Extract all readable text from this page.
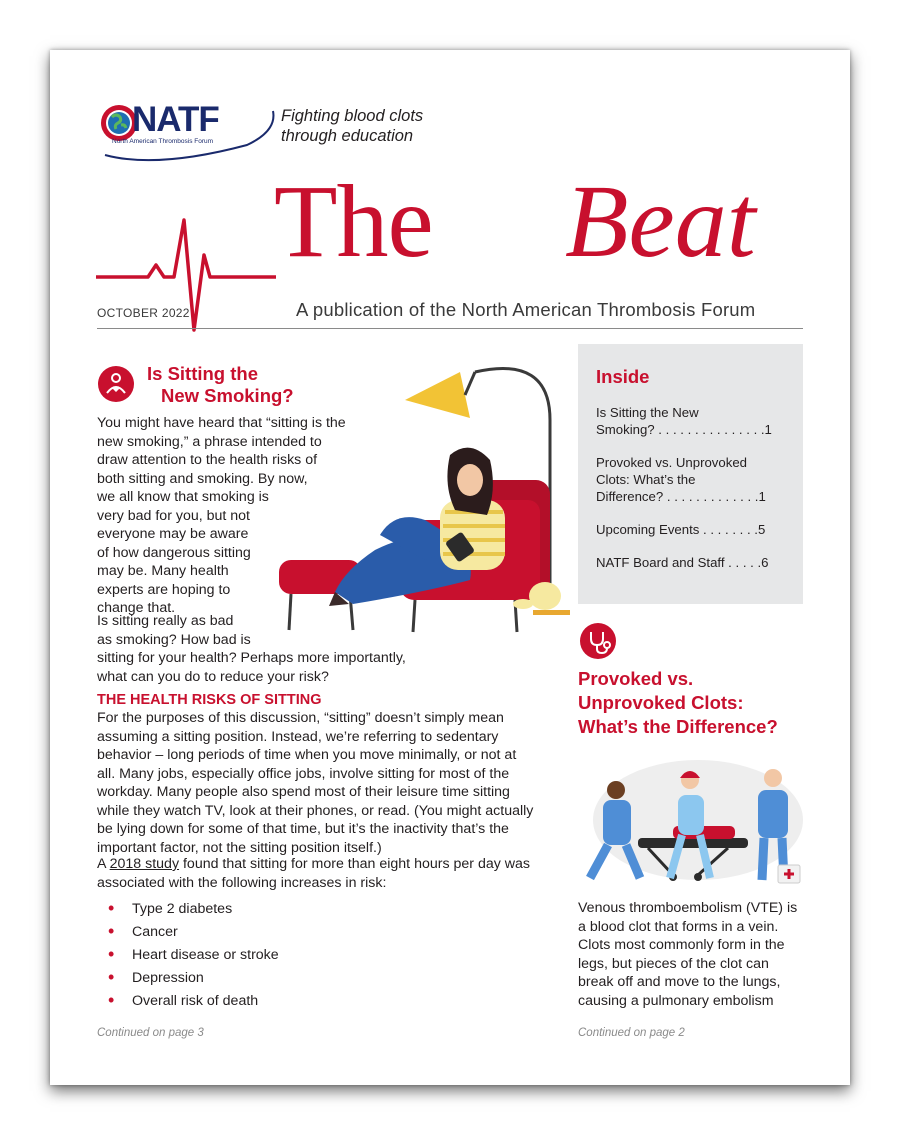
NATF
North American Thrombosis Forum
Fighting blood clots
through education
The Beat
A publication of the North American Thrombosis Forum
OCTOBER 2022
Is Sitting the
New Smoking?
You might have heard that “sitting is the
new smoking,” a phrase intended to
draw attention to the health risks of
both sitting and smoking. By now,
we all know that smoking is
very bad for you, but not
everyone may be aware
of how dangerous sitting
may be. Many health
experts are hoping to
change that.
Is sitting really as bad
as smoking? How bad is
sitting for your health? Perhaps more importantly,
what can you do to reduce your risk?
THE HEALTH RISKS OF SITTING
For the purposes of this discussion, “sitting” doesn’t simply mean
assuming a sitting position. Instead, we’re referring to sedentary
behavior – long periods of time when you move minimally, or not at
all. Many jobs, especially office jobs, involve sitting for most of the
workday. Many people also spend most of their leisure time sitting
while they watch TV, look at their phones, or read. (You might actually
be lying down for some of that time, but it’s the inactivity that’s the
important factor, not the sitting position itself.)
A 2018 study found that sitting for more than eight hours per day was
associated with the following increases in risk:
• Type 2 diabetes
• Cancer
• Heart disease or stroke
• Depression
• Overall risk of death
Continued on page 3
Inside
Is Sitting the New
Smoking? . . . . . . . . . . . . . . .1
Provoked vs. Unprovoked
Clots: What’s the
Difference? . . . . . . . . . . . . .1
Upcoming Events . . . . . . . .5
NATF Board and Staff . . . . .6
Provoked vs.
Unprovoked Clots:
What’s the Difference?
Venous thromboembolism (VTE) is
a blood clot that forms in a vein.
Clots most commonly form in the
legs, but pieces of the clot can
break off and move to the lungs,
causing a pulmonary embolism
Continued on page 2
